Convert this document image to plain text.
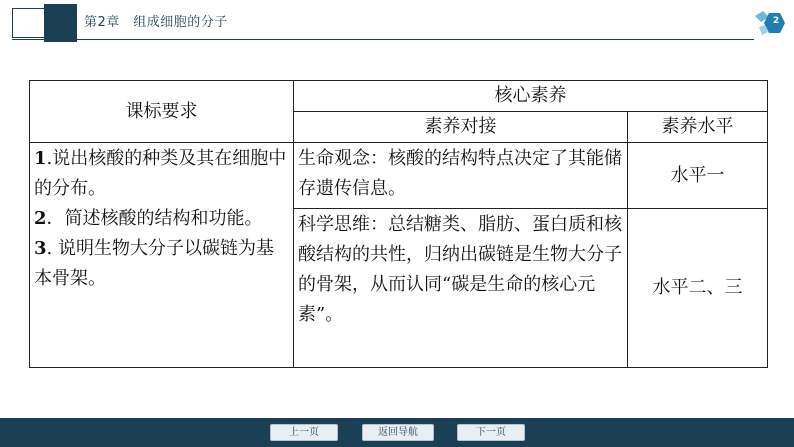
第2章　 组成细胞的分子	2
课标要求	核心素养	
	素养对接	素养水平

1.说出核酸的种类及其在细胞中的分布。

2．简述核酸的结构和功能。

3. 说明生物大分子以碳链为基本骨架。	生命观念：核酸的结构特点决定了其能储存遗传信息。	水平一
	科学思维：总结糖类、脂肪、蛋白质和核酸结构的共性，归纳出碳链是生物大分子的骨架，从而认同“碳是生命的核心元素”。	水平二、三
上一页	返回导航	下一页
